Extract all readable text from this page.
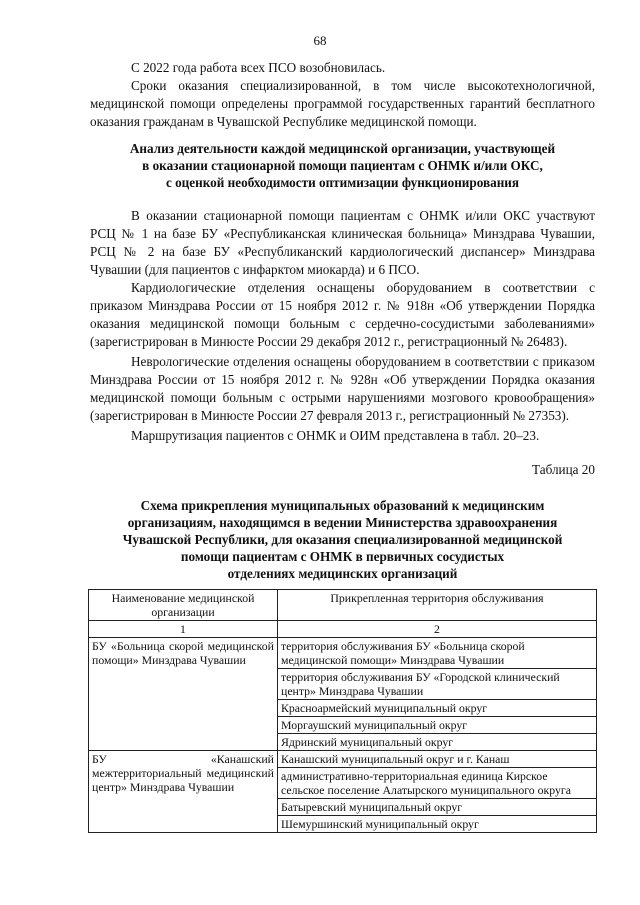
68

С 2022 года работа всех ПСО возобновилась.

Сроки оказания специализированной, в том числе высокотехнологичной, медицинской помощи определены программой государственных гарантий бесплатного оказания гражданам в Чувашской Республике медицинской помощи.

Анализ деятельности каждой медицинской организации, участвующей
в оказании стационарной помощи пациентам с ОНМК и/или ОКС,
с оценкой необходимости оптимизации функционирования

В оказании стационарной помощи пациентам с ОНМК и/или ОКС участвуют РСЦ № 1 на базе БУ «Республиканская клиническая больница» Минздрава Чувашии, РСЦ № 2 на базе БУ «Республиканский кардиологический диспансер» Минздрава Чувашии (для пациентов с инфарктом миокарда) и 6 ПСО.

Кардиологические отделения оснащены оборудованием в соответствии с приказом Минздрава России от 15 ноября 2012 г. № 918н «Об утверждении Порядка оказания медицинской помощи больным с сердечно-сосудистыми заболеваниями» (зарегистрирован в Минюсте России 29 декабря 2012 г., регистрационный № 26483).

Неврологические отделения оснащены оборудованием в соответствии с приказом Минздрава России от 15 ноября 2012 г. № 928н «Об утверждении Порядка оказания медицинской помощи больным с острыми нарушениями мозгового кровообращения» (зарегистрирован в Минюсте России 27 февраля 2013 г., регистрационный № 27353).

Маршрутизация пациентов с ОНМК и ОИМ представлена в табл. 20–23.

Таблица 20
Схема прикрепления муниципальных образований к медицинским
организациям, находящимся в ведении Министерства здравоохранения
Чувашской Республики, для оказания специализированной медицинской
помощи пациентам с ОНМК в первичных сосудистых
отделениях медицинских организаций
Наименование медицинской организации	Прикрепленная территория обслуживания
1	2
БУ «Больница скорой медицинской помощи» Минздрава Чувашии	территория обслуживания БУ «Больница скорой медицинской помощи» Минздрава Чувашии
	территория обслуживания БУ «Городской клинический центр» Минздрава Чувашии
	Красноармейский муниципальный округ
	Моргаушский муниципальный округ
	Ядринский муниципальный округ
БУ «Канашский межтерриториальный медицинский центр» Минздрава Чувашии	Канашский муниципальный округ и г. Канаш
	административно-территориальная единица Кирское сельское поселение Алатырского муниципального округа
	Батыревский муниципальный округ
	Шемуршинский муниципальный округ
